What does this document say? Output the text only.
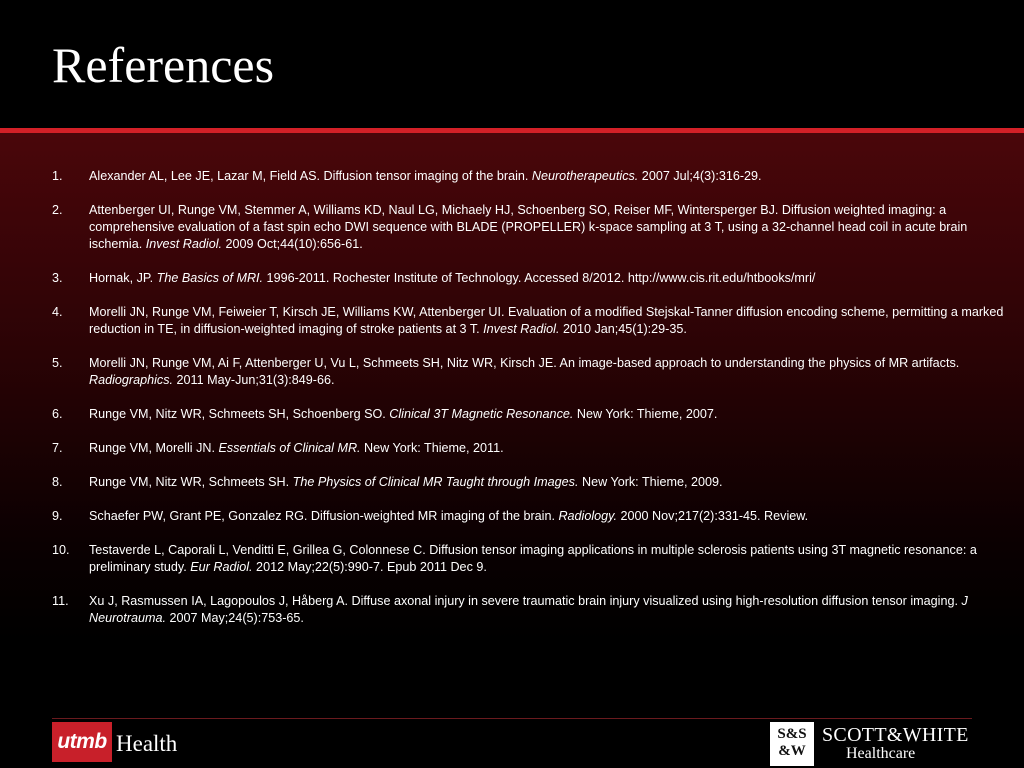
References
1. Alexander AL, Lee JE, Lazar M, Field AS. Diffusion tensor imaging of the brain. Neurotherapeutics. 2007 Jul;4(3):316-29.
2. Attenberger UI, Runge VM, Stemmer A, Williams KD, Naul LG, Michaely HJ, Schoenberg SO, Reiser MF, Wintersperger BJ. Diffusion weighted imaging: a comprehensive evaluation of a fast spin echo DWI sequence with BLADE (PROPELLER) k-space sampling at 3 T, using a 32-channel head coil in acute brain ischemia. Invest Radiol. 2009 Oct;44(10):656-61.
3. Hornak, JP. The Basics of MRI. 1996-2011. Rochester Institute of Technology. Accessed 8/2012. http://www.cis.rit.edu/htbooks/mri/
4. Morelli JN, Runge VM, Feiweier T, Kirsch JE, Williams KW, Attenberger UI. Evaluation of a modified Stejskal-Tanner diffusion encoding scheme, permitting a marked reduction in TE, in diffusion-weighted imaging of stroke patients at 3 T. Invest Radiol. 2010 Jan;45(1):29-35.
5. Morelli JN, Runge VM, Ai F, Attenberger U, Vu L, Schmeets SH, Nitz WR, Kirsch JE. An image-based approach to understanding the physics of MR artifacts. Radiographics. 2011 May-Jun;31(3):849-66.
6. Runge VM, Nitz WR, Schmeets SH, Schoenberg SO. Clinical 3T Magnetic Resonance. New York: Thieme, 2007.
7. Runge VM, Morelli JN. Essentials of Clinical MR. New York: Thieme, 2011.
8. Runge VM, Nitz WR, Schmeets SH. The Physics of Clinical MR Taught through Images. New York: Thieme, 2009.
9. Schaefer PW, Grant PE, Gonzalez RG. Diffusion-weighted MR imaging of the brain. Radiology. 2000 Nov;217(2):331-45. Review.
10. Testaverde L, Caporali L, Venditti E, Grillea G, Colonnese C. Diffusion tensor imaging applications in multiple sclerosis patients using 3T magnetic resonance: a preliminary study. Eur Radiol. 2012 May;22(5):990-7. Epub 2011 Dec 9.
11. Xu J, Rasmussen IA, Lagopoulos J, Håberg A. Diffuse axonal injury in severe traumatic brain injury visualized using high-resolution diffusion tensor imaging. J Neurotrauma. 2007 May;24(5):753-65.
utmb Health	S&S
&W
SCOTT&WHITE
Healthcare
